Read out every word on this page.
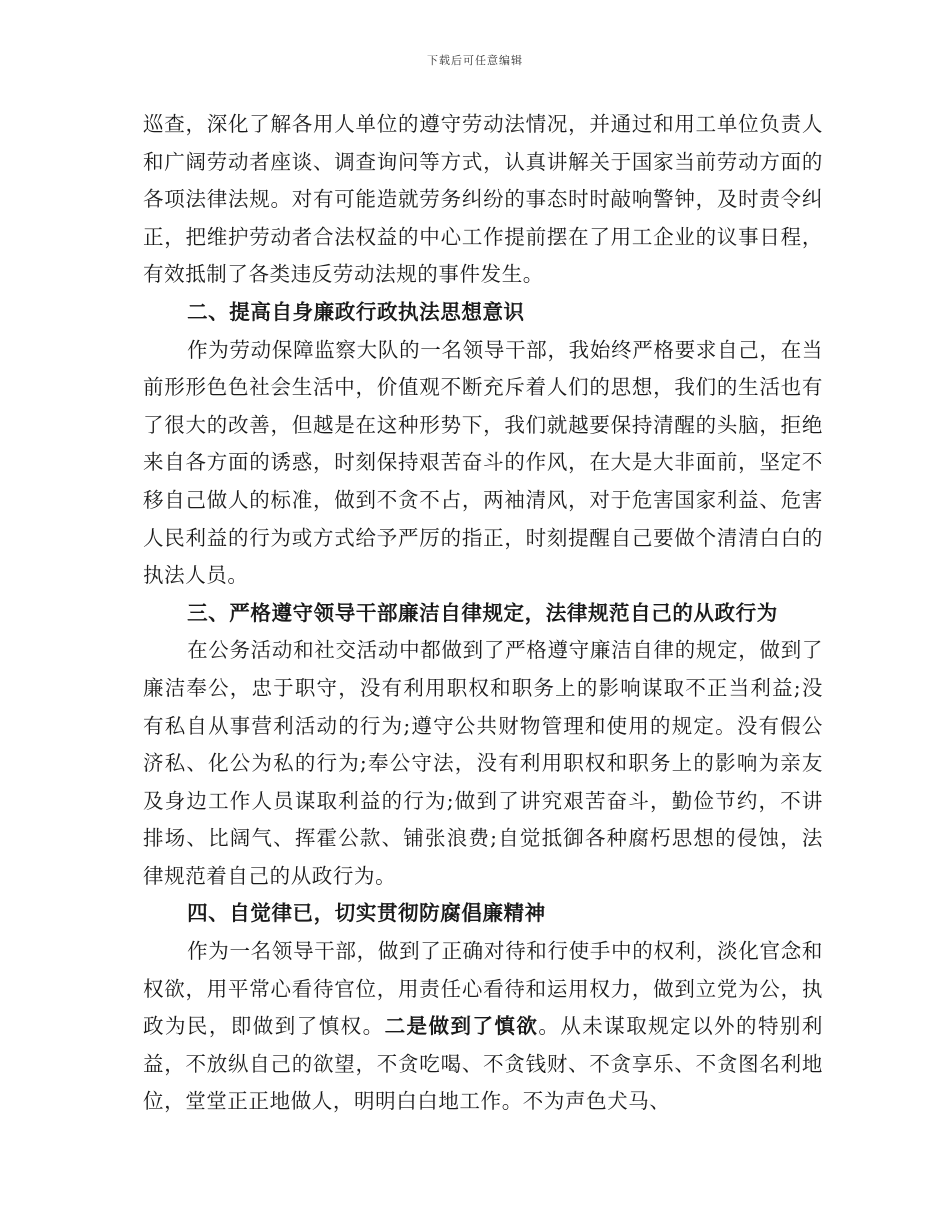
下载后可任意编辑

巡查，深化了解各用人单位的遵守劳动法情况，并通过和用工单位负责人和广阔劳动者座谈、调查询问等方式，认真讲解关于国家当前劳动方面的各项法律法规。对有可能造就劳务纠纷的事态时时敲响警钟，及时责令纠正，把维护劳动者合法权益的中心工作提前摆在了用工企业的议事日程，有效抵制了各类违反劳动法规的事件发生。

二、提高自身廉政行政执法思想意识

作为劳动保障监察大队的一名领导干部，我始终严格要求自己，在当前形形色色社会生活中，价值观不断充斥着人们的思想，我们的生活也有了很大的改善，但越是在这种形势下，我们就越要保持清醒的头脑，拒绝来自各方面的诱惑，时刻保持艰苦奋斗的作风，在大是大非面前，坚定不移自己做人的标准，做到不贪不占，两袖清风，对于危害国家利益、危害人民利益的行为或方式给予严厉的指正，时刻提醒自己要做个清清白白的执法人员。

三、严格遵守领导干部廉洁自律规定，法律规范自己的从政行为

在公务活动和社交活动中都做到了严格遵守廉洁自律的规定，做到了廉洁奉公，忠于职守，没有利用职权和职务上的影响谋取不正当利益;没有私自从事营利活动的行为;遵守公共财物管理和使用的规定。没有假公济私、化公为私的行为;奉公守法，没有利用职权和职务上的影响为亲友及身边工作人员谋取利益的行为;做到了讲究艰苦奋斗，勤俭节约，不讲排场、比阔气、挥霍公款、铺张浪费;自觉抵御各种腐朽思想的侵蚀，法律规范着自己的从政行为。

四、自觉律已，切实贯彻防腐倡廉精神

作为一名领导干部，做到了正确对待和行使手中的权利，淡化官念和权欲，用平常心看待官位，用责任心看待和运用权力，做到立党为公，执政为民，即做到了慎权。二是做到了慎欲。从未谋取规定以外的特别利益，不放纵自己的欲望，不贪吃喝、不贪钱财、不贪享乐、不贪图名利地位，堂堂正正地做人，明明白白地工作。不为声色犬马、
